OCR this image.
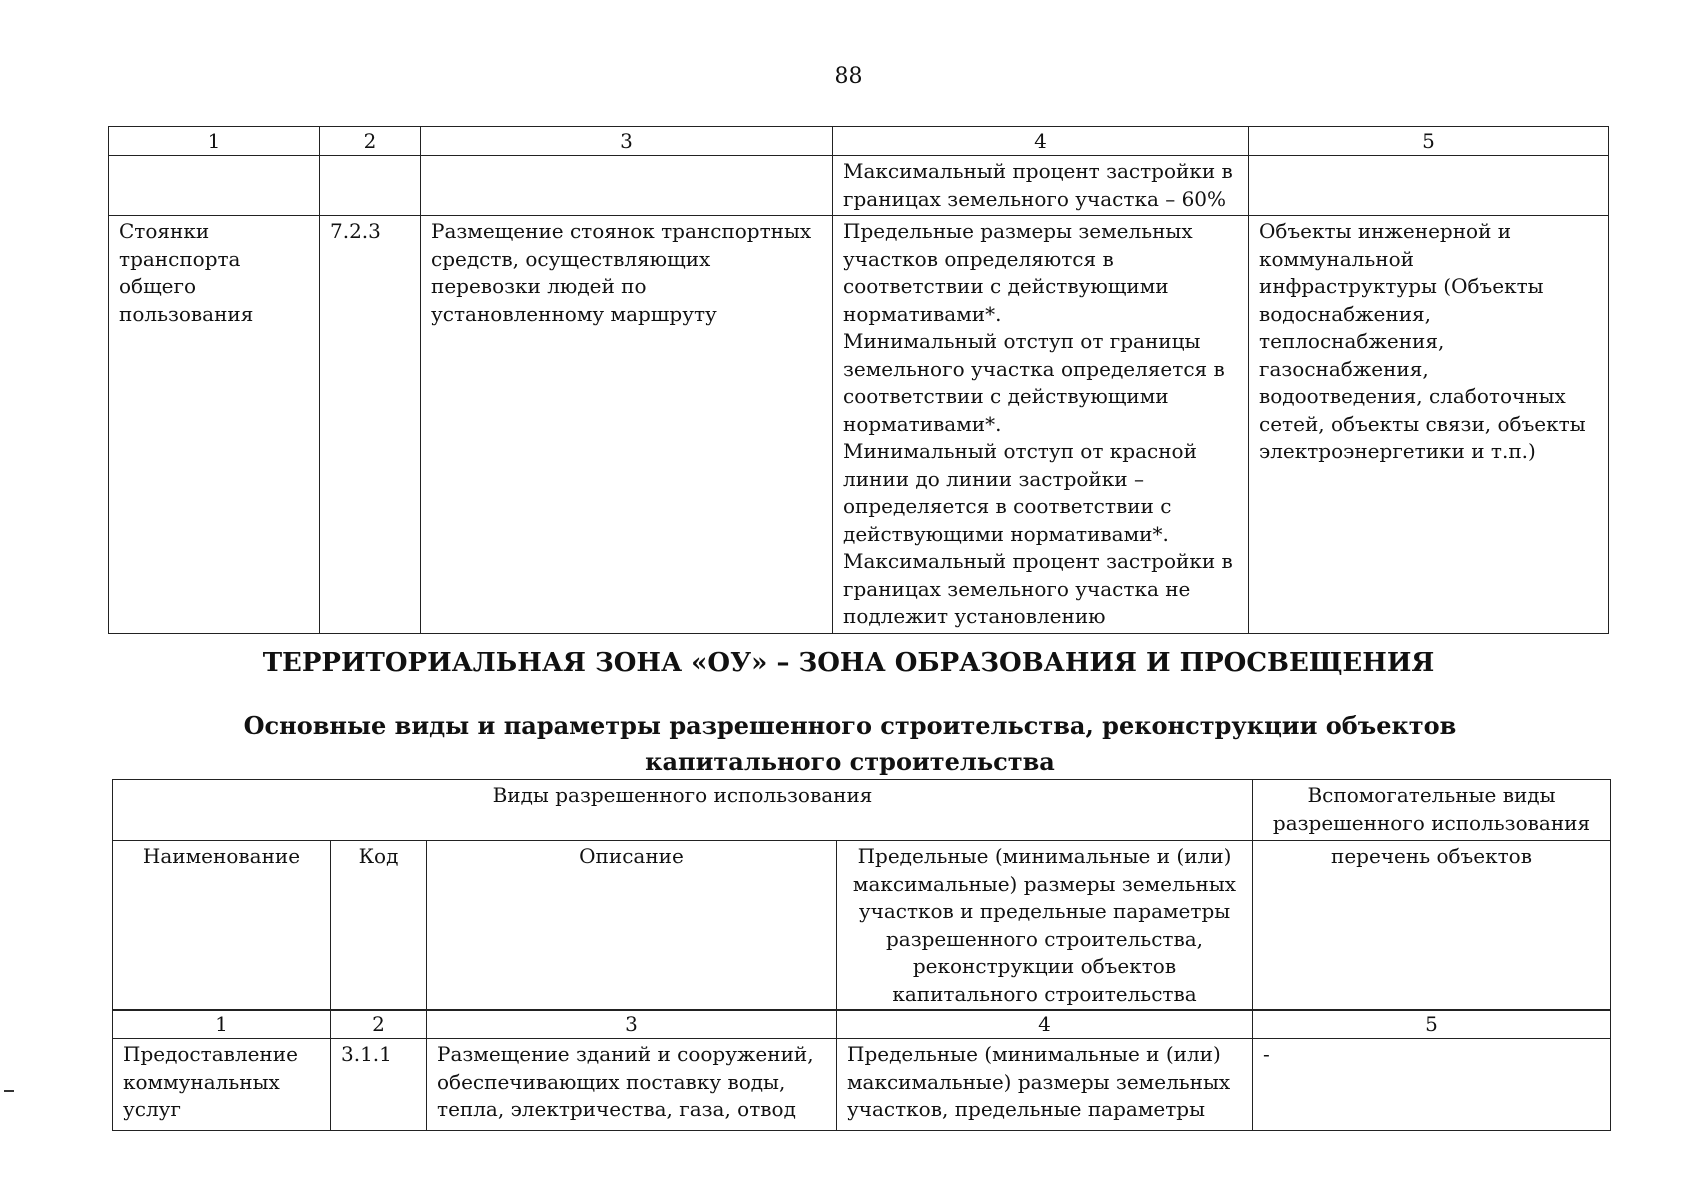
88
1	2	3	4	5
			Максимальный процент застройки в границах земельного участка – 60%	
Стоянки транспорта общего пользования	7.2.3	Размещение стоянок транспортных средств, осуществляющих перевозки людей по установленному маршруту	Предельные размеры земельных участков определяются в соответствии с действующими нормативами*.
Минимальный отступ от границы земельного участка определяется в соответствии с действующими нормативами*.
Минимальный отступ от красной линии до линии застройки – определяется в соответствии с действующими нормативами*.
Максимальный процент застройки в границах земельного участка не подлежит установлению	Объекты инженерной и коммунальной инфраструктуры (Объекты водоснабжения, теплоснабжения, газоснабжения, водоотведения, слаботочных сетей, объекты связи, объекты электроэнергетики и т.п.)
ТЕРРИТОРИАЛЬНАЯ ЗОНА «ОУ» – ЗОНА ОБРАЗОВАНИЯ И ПРОСВЕЩЕНИЯ
Основные виды и параметры разрешенного строительства, реконструкции объектов капитального строительства
Виды разрешенного использования				Вспомогательные виды разрешенного использования
Наименование	Код	Описание	Предельные (минимальные и (или) максимальные) размеры земельных участков и предельные параметры разрешенного строительства, реконструкции объектов капитального строительства	перечень объектов
1	2	3	4	5
Предоставление коммунальных услуг	3.1.1	Размещение зданий и сооружений, обеспечивающих поставку воды, тепла, электричества, газа, отвод	Предельные (минимальные и (или) максимальные) размеры земельных участков, предельные параметры	-
